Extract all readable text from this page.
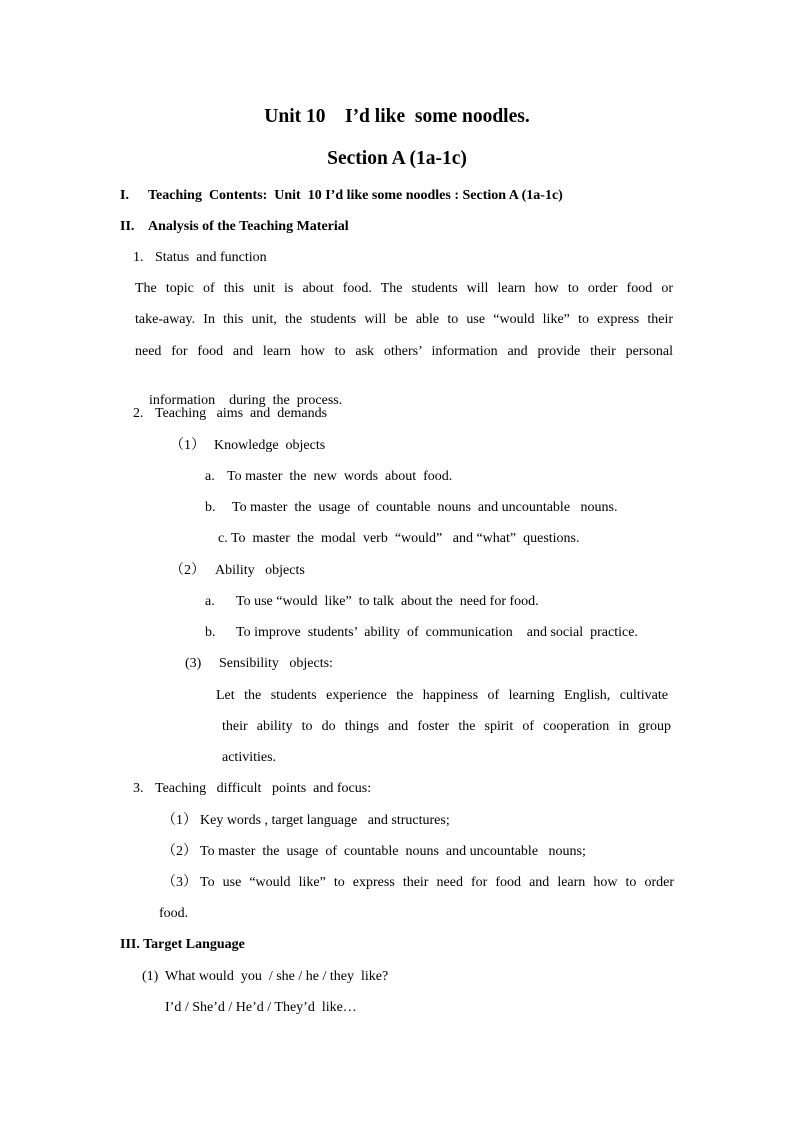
Unit 10    I’d like  some noodles.
Section A (1a-1c)
I. Teaching  Contents:  Unit  10 I’d like some noodles : Section A (1a-1c)
II. Analysis of the Teaching Material
1. Status  and function
The topic of this unit is about food. The students will learn how to order food or
take-away. In this unit, the students will be able to use “would like” to express their
need for food and learn how to ask others’ information and provide their personal

information    during  the  process.

2. Teaching   aims  and  demands
（1） Knowledge  objects
a. To master  the  new  words  about  food.
b. To master  the  usage  of  countable  nouns  and uncountable   nouns.
c. To  master  the  modal  verb  “would”   and “what”  questions.
（2） Ability   objects
a. To use “would  like”  to talk  about the  need for food.
b. To improve  students’  ability  of  communication    and social  practice.
(3) Sensibility   objects:
Let the students experience the happiness of learning English, cultivate
their ability to do things and foster the spirit of cooperation in group
activities.
3. Teaching   difficult   points  and focus:
（1） Key words , target language   and structures;
（2） To master  the  usage  of  countable  nouns  and uncountable   nouns;
（3） To use “would like” to express their need for food and learn how to order
food.
III. Target Language
(1) What would  you  / she / he / they  like?
I’d / She’d / He’d / They’d  like…
